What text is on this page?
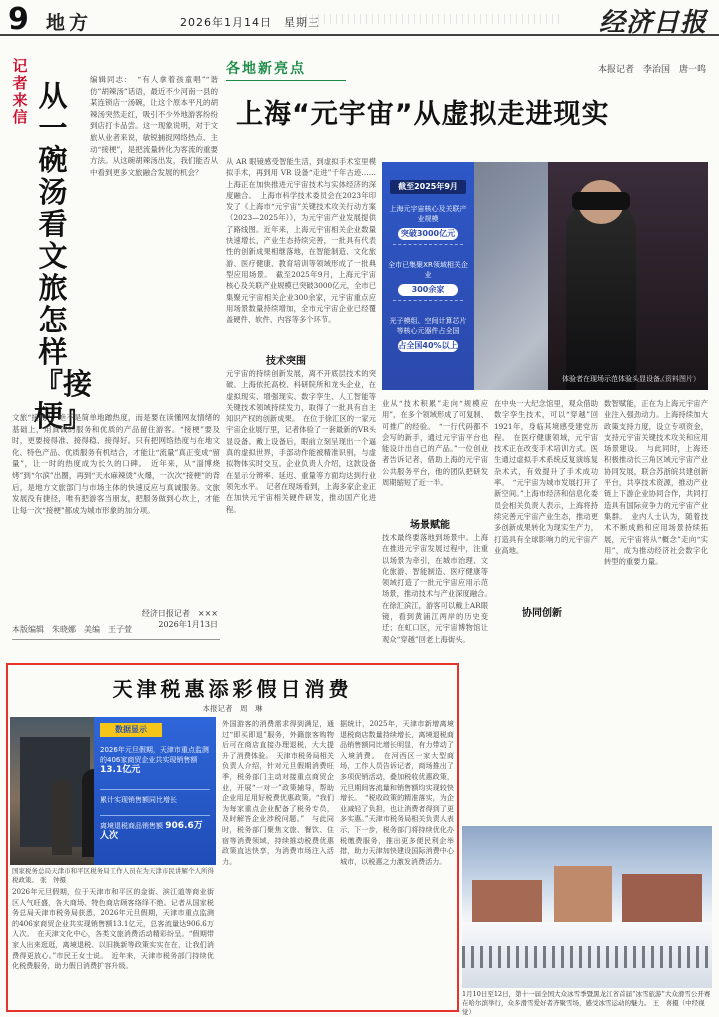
9 地方	2026年1月14日　星期三	经济日报
记者来信
从一碗汤看文旅怎样『接梗』
编辑同志：　“有人拿着孩童唱”“谐仿”胡辣汤”话语，最近不少河南一县的某连锁店一汤碗，让这个原本平凡的胡辣汤突然走红，吸引不少外地游客纷纷到店打卡品尝。这一现象说明，对于文旅从业者来说，敏锐捕捉网络热点、主动“接梗”，是把流量转化为客流的重要方法。从这碗胡辣汤出发，我们能否从中看到更多文旅融合发展的机会？
文旅“接梗”，绝不是简单地蹭热度，而是要在读懂网友情绪的基础上，用真诚的服务和优质的产品留住游客。“接梗”要及时，更要接得准、接得稳、接得好。只有把网络热度与在地文化、特色产品、优质服务有机结合，才能让“流量”真正变成“留量”，让一时的热度成为长久的口碑。　近年来，从“淄博烧烤”到“尔滨”出圈，再到“天水麻辣烫”火爆，一次次“接梗”的背后，是地方文旅部门与市场主体的快速反应与真诚服务。文旅发展没有捷径，唯有把游客当朋友，把服务做到心坎上，才能让每一次“接梗”都成为城市形象的加分项。
经济日报记者　×××
2026年1月13日
本版编辑　朱晓娜　美编　王子萱
各地新亮点	本报记者　李治国　唐一鸣
上海“元宇宙”从虚拟走进现实
从 AR 眼镜感受智能生活，到虚拟手术室里模拟手术，再到用 VR 设备“走进”千年古迹……上海正在加快推进元宇宙技术与实体经济的深度融合。　上海市科学技术委员会在2023年印发了《上海市“元宇宙”关键技术攻关行动方案（2023—2025年）》，为元宇宙产业发展提供了路线图。近年来，上海元宇宙相关企业数量快速增长，产业生态持续完善，一批具有代表性的创新成果相继落地，在智能制造、文化旅游、医疗健康、教育培训等领域形成了一批典型应用场景。　截至2025年9月，上海元宇宙核心及关联产业规模已突破3000亿元，全市已集聚元宇宙相关企业300余家，元宇宙重点应用场景数量持续增加，全市元宇宙企业已经覆盖硬件、软件、内容等多个环节。
技术突围
元宇宙的持续创新发展，离不开底层技术的突破。上海依托高校、科研院所和龙头企业，在虚拟现实、增强现实、数字孪生、人工智能等关键技术领域持续发力，取得了一批具有自主知识产权的创新成果。　在位于徐汇区的一家元宇宙企业展厅里，记者体验了一套最新的VR头显设备。戴上设备后，眼前立刻呈现出一个逼真的虚拟世界，手部动作能被精准识别，与虚拟物体实时交互。企业负责人介绍，这款设备在显示分辨率、延迟、重量等方面均达到行业领先水平。　记者在现场看到，上海多家企业正在加快元宇宙相关硬件研发，推动国产化进程。
截至2025年9月
上海元宇宙核心及关联产业规模
突破3000亿元
全市已集聚XR领域相关企业
300余家
光子模组、空间计算芯片等核心元器件占全国
占全国40%以上
体验者在现场示范体验头显设备。
（资料图片）
业从“技术积累”走向“规模应用”，在多个领域形成了可复制、可推广的经验。　“一行代码都不会写的新手，通过元宇宙平台也能设计出自己的产品。”一位创业者告诉记者，借助上海的元宇宙公共服务平台，他的团队把研发周期缩短了近一半。
场景赋能
技术最终要落地到场景中。上海在推进元宇宙发展过程中，注重以场景为牵引，在城市治理、文化旅游、智能制造、医疗健康等领域打造了一批元宇宙应用示范场景，推动技术与产业深度融合。　在徐汇滨江，游客可以戴上AR眼镜，看到黄浦江两岸的历史变迁；在虹口区，元宇宙博物馆让观众“穿越”回老上海街头。
在中央一大纪念馆里，观众借助数字孪生技术，可以“穿越”回1921年，身临其境感受建党历程。　在医疗健康领域，元宇宙技术正在改变手术培训方式。医生通过虚拟手术系统反复演练复杂术式，有效提升了手术成功率。　“元宇宙为城市发展打开了新空间。”上海市经济和信息化委员会相关负责人表示，上海将持续完善元宇宙产业生态，推动更多创新成果转化为现实生产力，打造具有全球影响力的元宇宙产业高地。
协同创新
数智赋能，正在为上海元宇宙产业注入强劲动力。上海持续加大政策支持力度，设立专项资金，支持元宇宙关键技术攻关和应用场景建设。　与此同时，上海还积极推动长三角区域元宇宙产业协同发展，联合苏浙皖共建创新平台，共享技术资源，推动产业链上下游企业协同合作，共同打造具有国际竞争力的元宇宙产业集群。　业内人士认为，随着技术不断成熟和应用场景持续拓展，元宇宙将从“概念”走向“实用”，成为推动经济社会数字化转型的重要力量。
天津税惠添彩假日消费
本报记者　周　琳
数据显示
2026年元旦假期，天津市重点监测的406家商贸企业共实现销售额 13.1亿元
累计实现销售额同比增长
离境退税商品销售额 906.6万人次
国家税务总局天津市和平区税务局工作人员在为天津市民讲解个人所得税政策。 张　钟摄
2026年元旦假期，位于天津市和平区的金街、滨江道等商业街区人气旺盛，各大商场、特色商店顾客络绎不绝。记者从国家税务总局天津市税务局获悉，2026年元旦假期，天津市重点监测的406家商贸企业共实现销售额13.1亿元，总客流量达906.6万人次。　在天津文化中心，各类文旅消费活动精彩纷呈。“假期带家人出来逛逛，离境退税、以旧换新等政策实实在在，让我们消费得更放心。”市民王女士说。　近年来，天津市税务部门持续优化税费服务，助力假日消费扩容升级。
外国游客的消费需求得到满足，通过“即买即退”服务，外籍旅客购物后可在商店直接办理退税，大大提升了消费体验。　天津市税务局相关负责人介绍，针对元旦假期消费旺季，税务部门主动对接重点商贸企业，开展“一对一”政策辅导，帮助企业用足用好税费优惠政策。“我们为每家重点企业配备了税务专员，及时解答企业涉税问题。”　与此同时，税务部门聚焦文旅、餐饮、住宿等消费领域，持续推动税费优惠政策直达快享，为消费市场注入活力。
据统计，2025年，天津市新增离境退税商店数量持续增长，离境退税商品销售额同比增长明显，有力带动了入境消费。　在河西区一家大型商场，工作人员告诉记者，商场推出了多项促销活动，叠加税收优惠政策，元旦期间客流量和销售额均实现较快增长。　“税收政策的精准落实，为企业减轻了负担，也让消费者得到了更多实惠。”天津市税务局相关负责人表示，下一步，税务部门将持续优化办税缴费服务，推出更多便民利企举措，助力天津加快建设国际消费中心城市，以税惠之力激发消费活力。
1月10日至12日，第十一届全国大众冰雪季暨黑龙江省首届“冰雪旅游”大众滑雪公开赛在哈尔滨举行，众多滑雪爱好者齐聚雪场，感受冰雪运动的魅力。 王　喜摄（中经视觉）
